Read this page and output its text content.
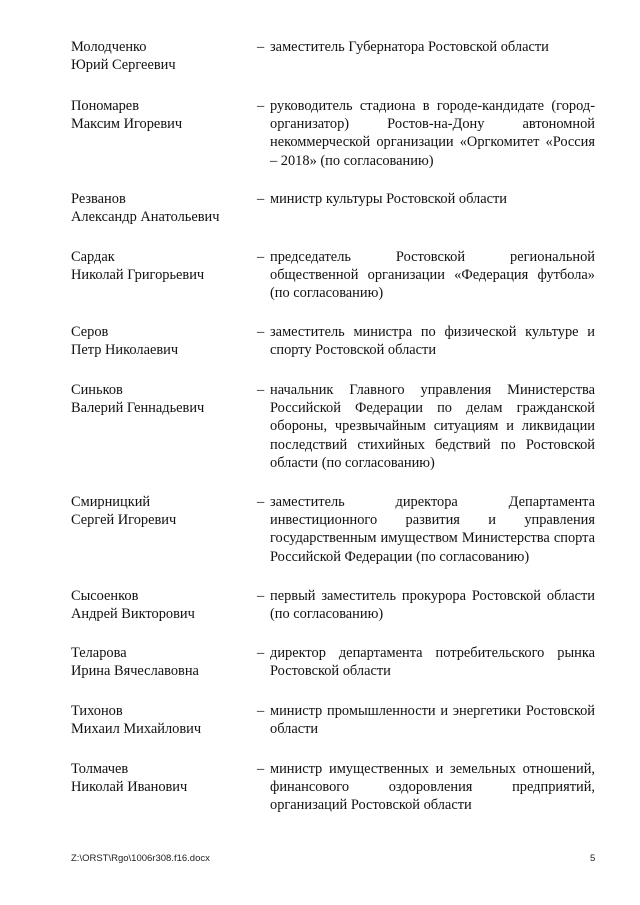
Молодченко
Юрий Сергеевич
– заместитель Губернатора Ростовской области
Пономарев
Максим Игоревич
– руководитель стадиона в городе-кандидате (город-организатор) Ростов-на-Дону автономной некоммерческой организации «Оргкомитет «Россия – 2018» (по согласованию)
Резванов
Александр Анатольевич
– министр культуры Ростовской области
Сардак
Николай Григорьевич
– председатель Ростовской региональной общественной организации «Федерация футбола» (по согласованию)
Серов
Петр Николаевич
– заместитель министра по физической культуре и спорту Ростовской области
Синьков
Валерий Геннадьевич
– начальник Главного управления Министерства Российской Федерации по делам гражданской обороны, чрезвычайным ситуациям и ликвидации последствий стихийных бедствий по Ростовской области (по согласованию)
Смирницкий
Сергей Игоревич
– заместитель директора Департамента инвестиционного развития и управления государственным имуществом Министерства спорта Российской Федерации (по согласованию)
Сысоенков
Андрей Викторович
– первый заместитель прокурора Ростовской области (по согласованию)
Теларова
Ирина Вячеславовна
– директор департамента потребительского рынка Ростовской области
Тихонов
Михаил Михайлович
– министр промышленности и энергетики Ростовской области
Толмачев
Николай Иванович
– министр имущественных и земельных отношений, финансового оздоровления предприятий, организаций Ростовской области
Z:\ORST\Rgo\1006r308.f16.docx	5
